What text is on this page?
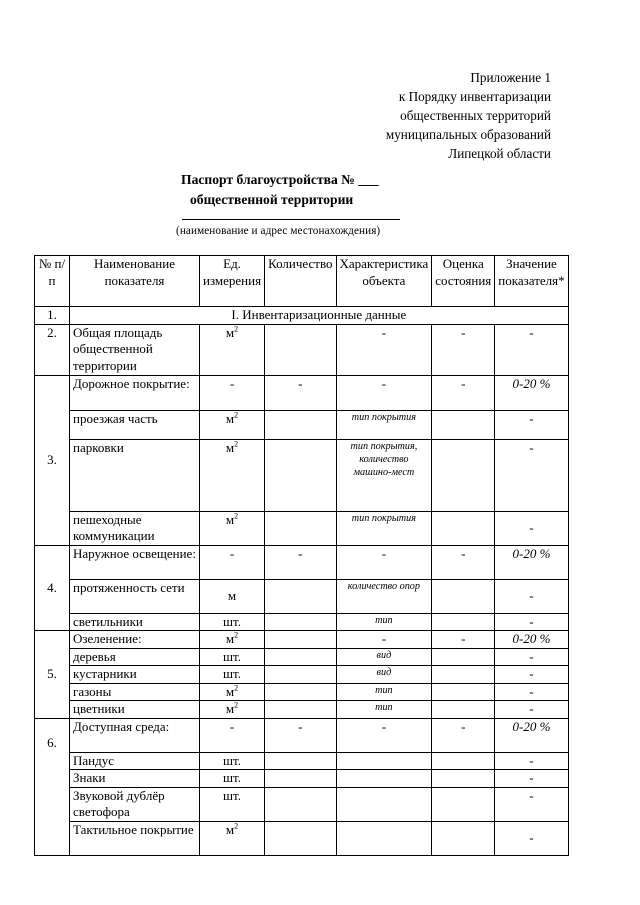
Приложение 1
к Порядку инвентаризации
общественных территорий
муниципальных образований
Липецкой области
Паспорт благоустройства № ___
общественной территории
(наименование и адрес местонахождения)
№ п/п	Наименование показателя	Ед. измерения	Количество	Характеристика объекта	Оценка состояния	Значение показателя*
1.	I. Инвентаризационные данные					
2.	Общая площадь общественной территории	$м^2$		-	-	-
3.	Дорожное покрытие:	-	-	-	-	0-20 %
	проезжая часть	$м^2$		тип покрытия		-
	парковки	$м^2$		тип покрытия, количество машино-мест		-
	пешеходные коммуникации	$м^2$		тип покрытия		-
4.	Наружное освещение:	-	-	-	-	0-20 %
	протяженность сети	м		количество опор		-
	светильники	шт.		тип		-
5.	Озеленение:	$м^2$		-	-	0-20 %
	деревья	шт.		вид		-
	кустарники	шт.		вид		-
	газоны	$м^2$		тип		-
	цветники	$м^2$		тип		-
6.	Доступная среда:	-	-	-	-	0-20 %
	Пандус	шт.				-
	Знаки	шт.				-
	Звуковой дублёр светофора	шт.				-
	Тактильное покрытие	$м^2$				-
